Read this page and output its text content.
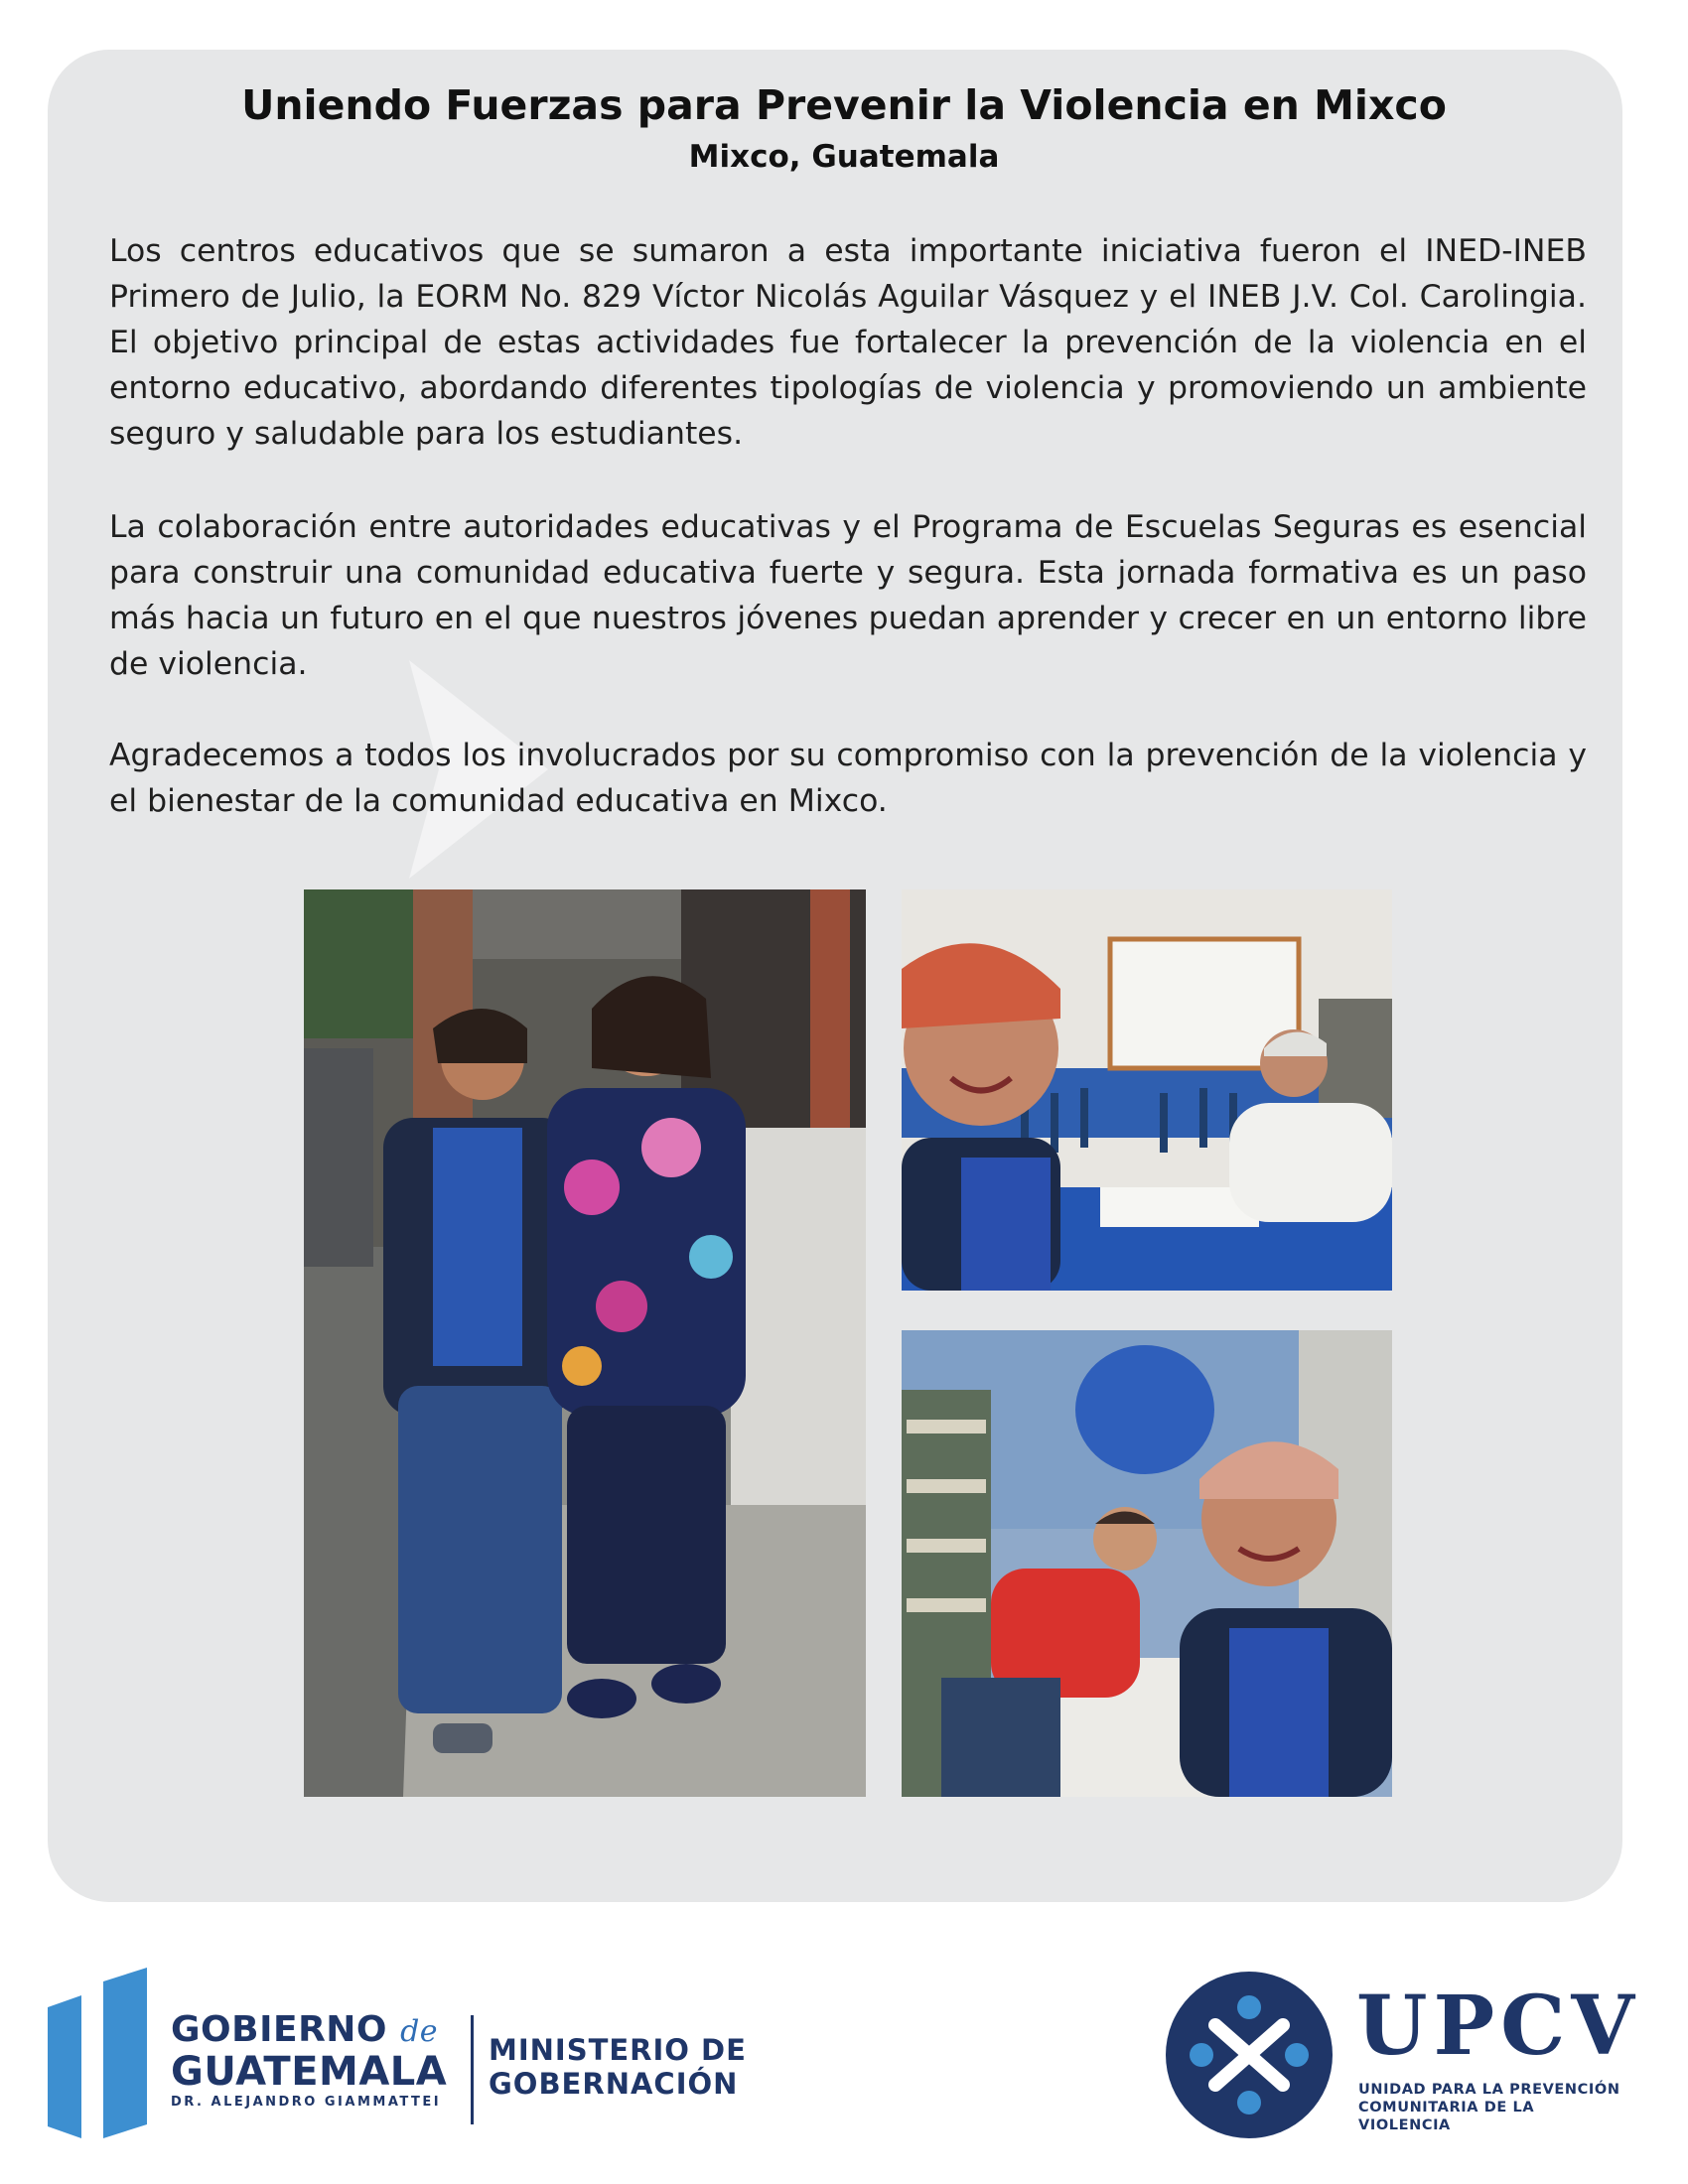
Uniendo Fuerzas para Prevenir la Violencia en Mixco
Mixco, Guatemala

Los centros educativos que se sumaron a esta importante iniciativa fueron el INED-INEB Primero de Julio, la EORM No. 829 Víctor Nicolás Aguilar Vásquez y el INEB J.V. Col. Carolingia. El objetivo principal de estas actividades fue fortalecer la prevención de la violencia en el entorno educativo, abordando diferentes tipologías de violencia y promoviendo un ambiente seguro y saludable para los estudiantes.

La colaboración entre autoridades educativas y el Programa de Escuelas Seguras es esencial para construir una comunidad educativa fuerte y segura. Esta jornada formativa es un paso más hacia un futuro en el que nuestros jóvenes puedan aprender y crecer en un entorno libre de violencia.

Agradecemos a todos los involucrados por su compromiso con la prevención de la violencia y el bienestar de la comunidad educativa en Mixco.

GOBIERNO de
GUATEMALA
DR. ALEJANDRO GIAMMATTEI
MINISTERIO DE
GOBERNACIÓN
UPCV
UNIDAD PARA LA PREVENCIÓN
COMUNITARIA DE LA VIOLENCIA
